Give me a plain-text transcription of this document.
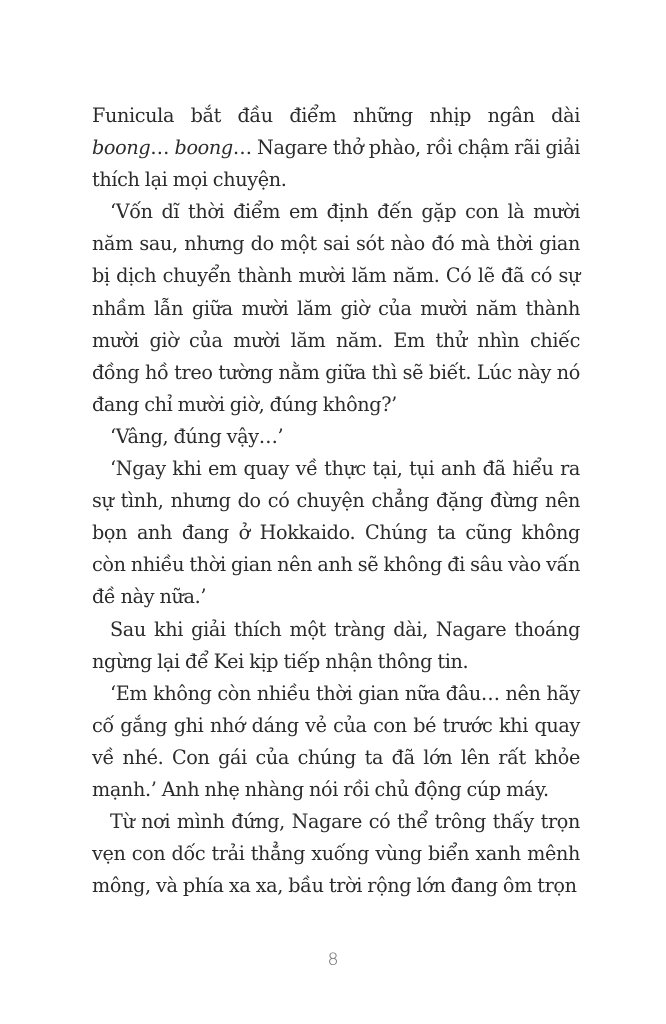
Funicula bắt đầu điểm những nhịp ngân dài boong… boong… Nagare thở phào, rồi chậm rãi giải thích lại mọi chuyện.

‘Vốn dĩ thời điểm em định đến gặp con là mười năm sau, nhưng do một sai sót nào đó mà thời gian bị dịch chuyển thành mười lăm năm. Có lẽ đã có sự nhầm lẫn giữa mười lăm giờ của mười năm thành mười giờ của mười lăm năm. Em thử nhìn chiếc đồng hồ treo tường nằm giữa thì sẽ biết. Lúc này nó đang chỉ mười giờ, đúng không?’

‘Vâng, đúng vậy…’

‘Ngay khi em quay về thực tại, tụi anh đã hiểu ra sự tình, nhưng do có chuyện chẳng đặng đừng nên bọn anh đang ở Hokkaido. Chúng ta cũng không còn nhiều thời gian nên anh sẽ không đi sâu vào vấn đề này nữa.’

Sau khi giải thích một tràng dài, Nagare thoáng ngừng lại để Kei kịp tiếp nhận thông tin.

‘Em không còn nhiều thời gian nữa đâu… nên hãy cố gắng ghi nhớ dáng vẻ của con bé trước khi quay về nhé. Con gái của chúng ta đã lớn lên rất khỏe mạnh.’ Anh nhẹ nhàng nói rồi chủ động cúp máy.

Từ nơi mình đứng, Nagare có thể trông thấy trọn vẹn con dốc trải thẳng xuống vùng biển xanh mênh mông, và phía xa xa, bầu trời rộng lớn đang ôm trọn

8
